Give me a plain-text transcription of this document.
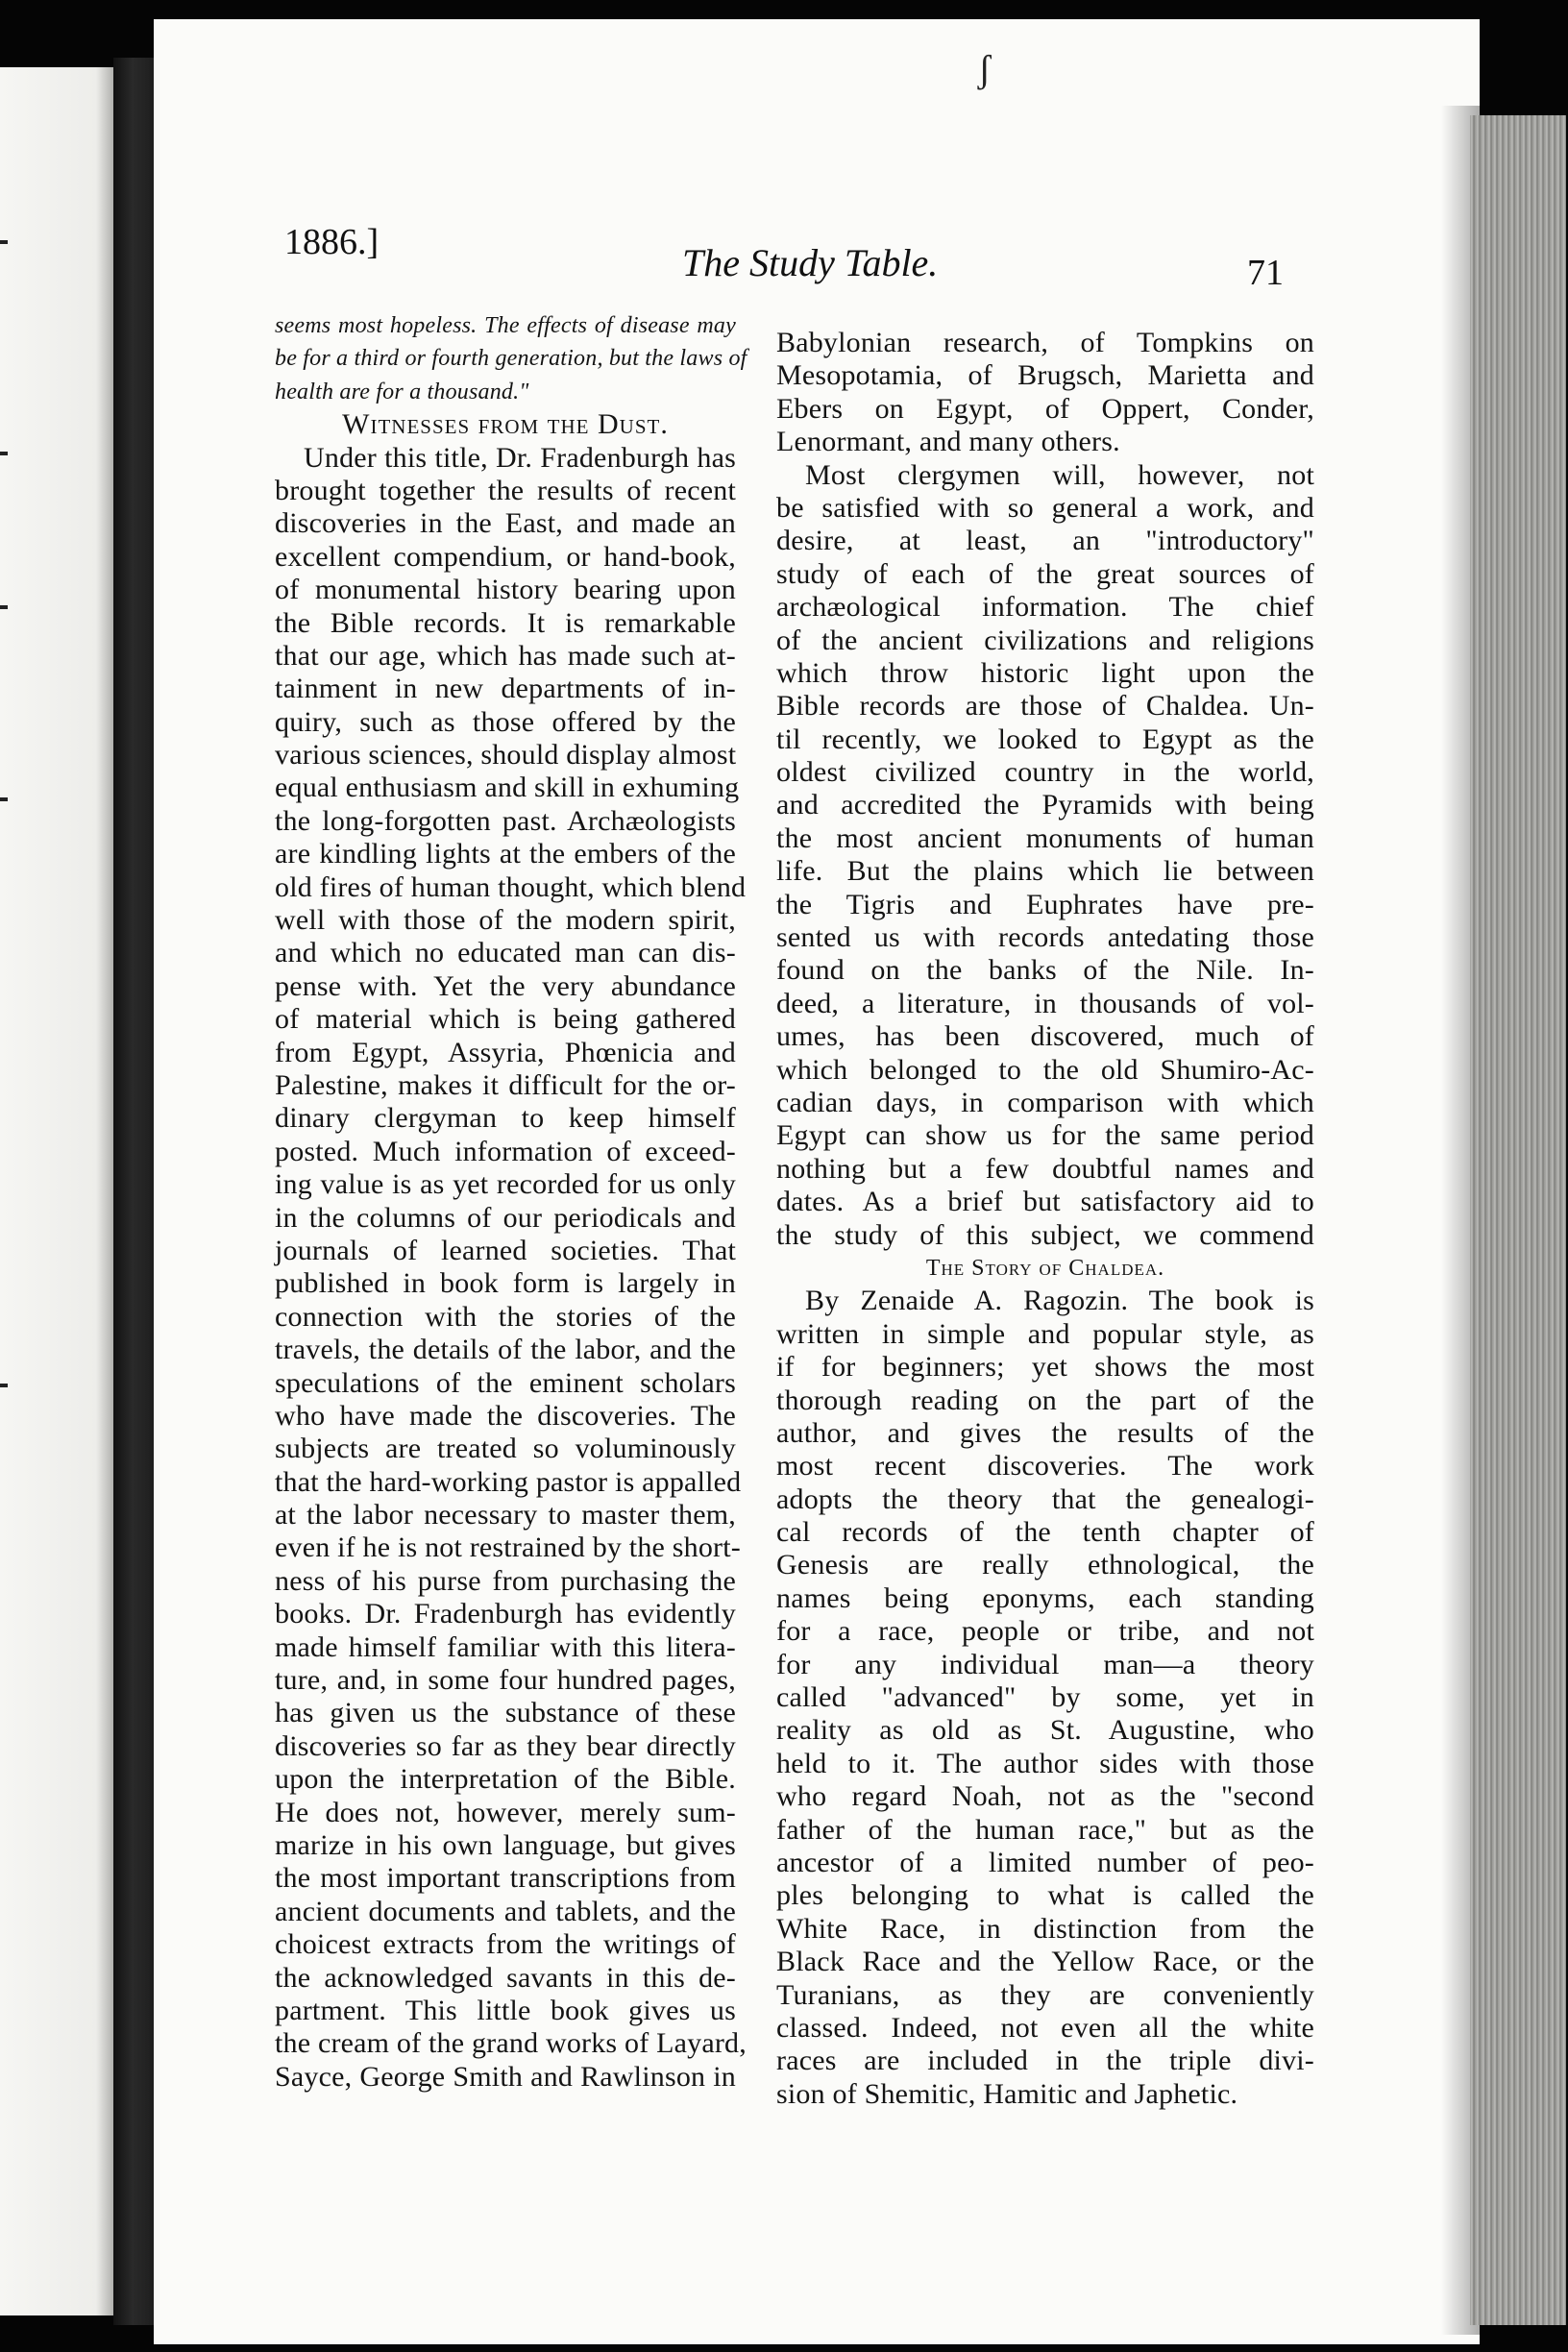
ʃ
1886.]	The Study Table.	71
seems most hopeless. The effects of disease may
be for a third or fourth generation, but the laws of
health are for a thousand."
Witnesses from the Dust.
Under this title, Dr. Fradenburgh has
brought together the results of recent
discoveries in the East, and made an
excellent compendium, or hand-book,
of monumental history bearing upon
the Bible records. It is remarkable
that our age, which has made such at-
tainment in new departments of in-
quiry, such as those offered by the
various sciences, should display almost
equal enthusiasm and skill in exhuming
the long-forgotten past. Archæologists
are kindling lights at the embers of the
old fires of human thought, which blend
well with those of the modern spirit,
and which no educated man can dis-
pense with. Yet the very abundance
of material which is being gathered
from Egypt, Assyria, Phœnicia and
Palestine, makes it difficult for the or-
dinary clergyman to keep himself
posted. Much information of exceed-
ing value is as yet recorded for us only
in the columns of our periodicals and
journals of learned societies. That
published in book form is largely in
connection with the stories of the
travels, the details of the labor, and the
speculations of the eminent scholars
who have made the discoveries. The
subjects are treated so voluminously
that the hard-working pastor is appalled
at the labor necessary to master them,
even if he is not restrained by the short-
ness of his purse from purchasing the
books. Dr. Fradenburgh has evidently
made himself familiar with this litera-
ture, and, in some four hundred pages,
has given us the substance of these
discoveries so far as they bear directly
upon the interpretation of the Bible.
He does not, however, merely sum-
marize in his own language, but gives
the most important transcriptions from
ancient documents and tablets, and the
choicest extracts from the writings of
the acknowledged savants in this de-
partment. This little book gives us
the cream of the grand works of Layard,
Sayce, George Smith and Rawlinson in
Babylonian research, of Tompkins on
Mesopotamia, of Brugsch, Marietta and
Ebers on Egypt, of Oppert, Conder,
Lenormant, and many others.
Most clergymen will, however, not
be satisfied with so general a work, and
desire, at least, an "introductory"
study of each of the great sources of
archæological information. The chief
of the ancient civilizations and religions
which throw historic light upon the
Bible records are those of Chaldea. Un-
til recently, we looked to Egypt as the
oldest civilized country in the world,
and accredited the Pyramids with being
the most ancient monuments of human
life. But the plains which lie between
the Tigris and Euphrates have pre-
sented us with records antedating those
found on the banks of the Nile. In-
deed, a literature, in thousands of vol-
umes, has been discovered, much of
which belonged to the old Shumiro-Ac-
cadian days, in comparison with which
Egypt can show us for the same period
nothing but a few doubtful names and
dates. As a brief but satisfactory aid to
the study of this subject, we commend
The Story of Chaldea.
By Zenaide A. Ragozin. The book is
written in simple and popular style, as
if for beginners; yet shows the most
thorough reading on the part of the
author, and gives the results of the
most recent discoveries. The work
adopts the theory that the genealogi-
cal records of the tenth chapter of
Genesis are really ethnological, the
names being eponyms, each standing
for a race, people or tribe, and not
for any individual man—a theory
called "advanced" by some, yet in
reality as old as St. Augustine, who
held to it. The author sides with those
who regard Noah, not as the "second
father of the human race," but as the
ancestor of a limited number of peo-
ples belonging to what is called the
White Race, in distinction from the
Black Race and the Yellow Race, or the
Turanians, as they are conveniently
classed. Indeed, not even all the white
races are included in the triple divi-
sion of Shemitic, Hamitic and Japhetic.
